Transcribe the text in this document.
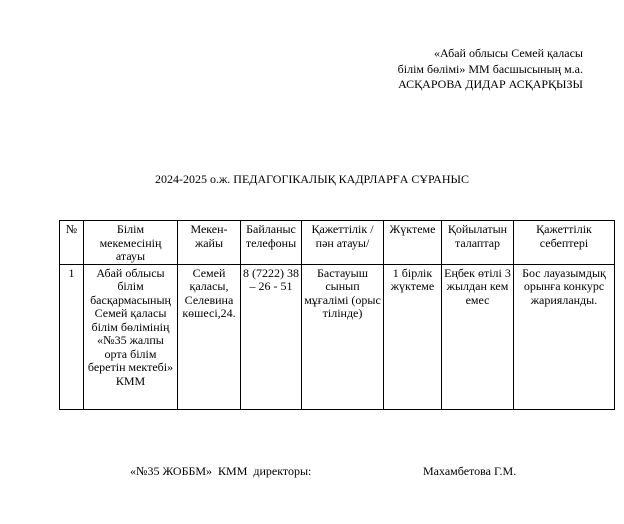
«Абай облысы Семей қаласы
білім бөлімі» ММ басшысының м.а.
АСҚАРОВА ДИДАР АСҚАРҚЫЗЫ
2024-2025 о.ж. ПЕДАГОГІКАЛЫҚ КАДРЛАРҒА СҰРАНЫС
№	Білім мекемесінің атауы	Мекен-жайы	Байланыс телефоны	Қажеттілік /пән атауы/	Жүктеме	Қойылатын талаптар	Қажеттілік себептері
1	Абай облысы білім басқармасының Семей қаласы білім бөлімінің «№35 жалпы орта білім беретін мектебі» КММ	Семей қаласы, Селевина көшесі,24.	8 (7222) 38 – 26 - 51	Бастауыш сынып мұғалімі (орыс тілінде)	1 бірлік жүктеме	Еңбек өтілі 3 жылдан кем емес	Бос лауазымдық орынға конкурс жарияланды.
«№35 ЖОББМ»  КММ  директоры:	Махамбетова Г.М.
